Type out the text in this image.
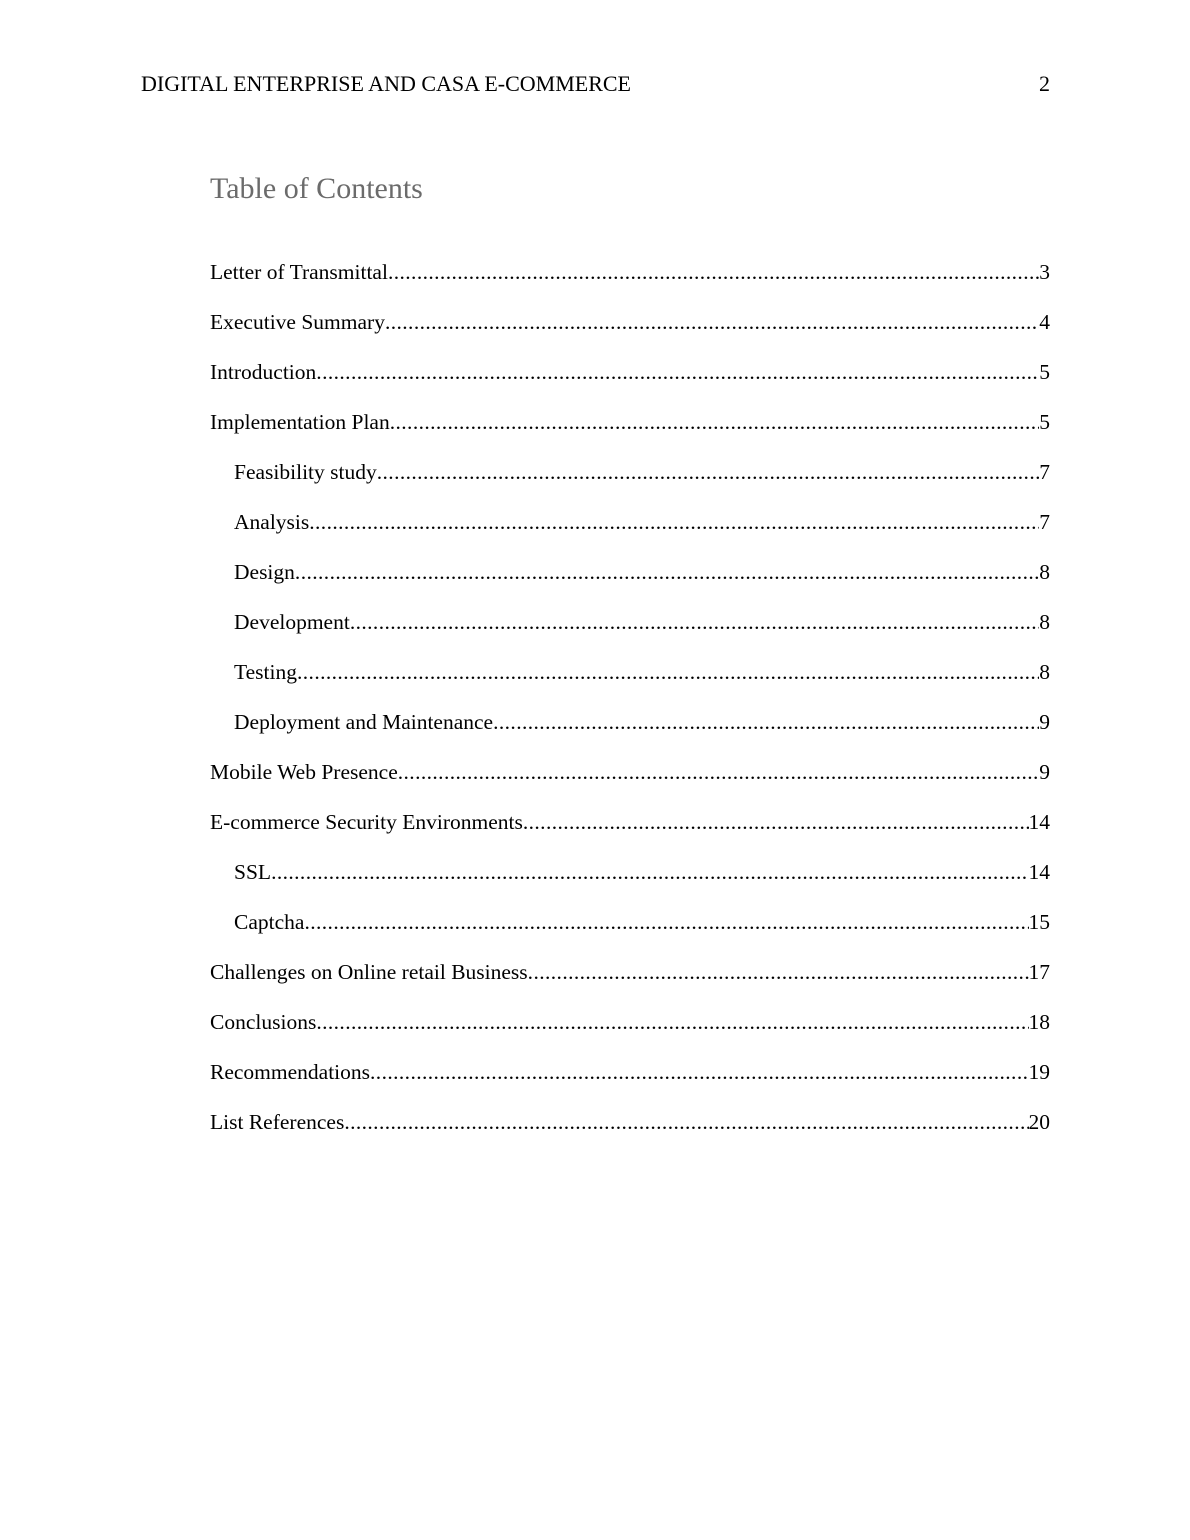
DIGITAL ENTERPRISE AND CASA E-COMMERCE	2
Table of Contents
Letter of Transmittal .....	3
Executive Summary .....	4
Introduction .....	5
Implementation Plan .....	5
Feasibility study .....	7
Analysis .....	7
Design .....	8
Development .....	8
Testing .....	8
Deployment and Maintenance .....	9
Mobile Web Presence .....	9
E-commerce Security Environments .....	14
SSL .....	14
Captcha .....	15
Challenges on Online retail Business .....	17
Conclusions .....	18
Recommendations .....	19
List References .....	20
